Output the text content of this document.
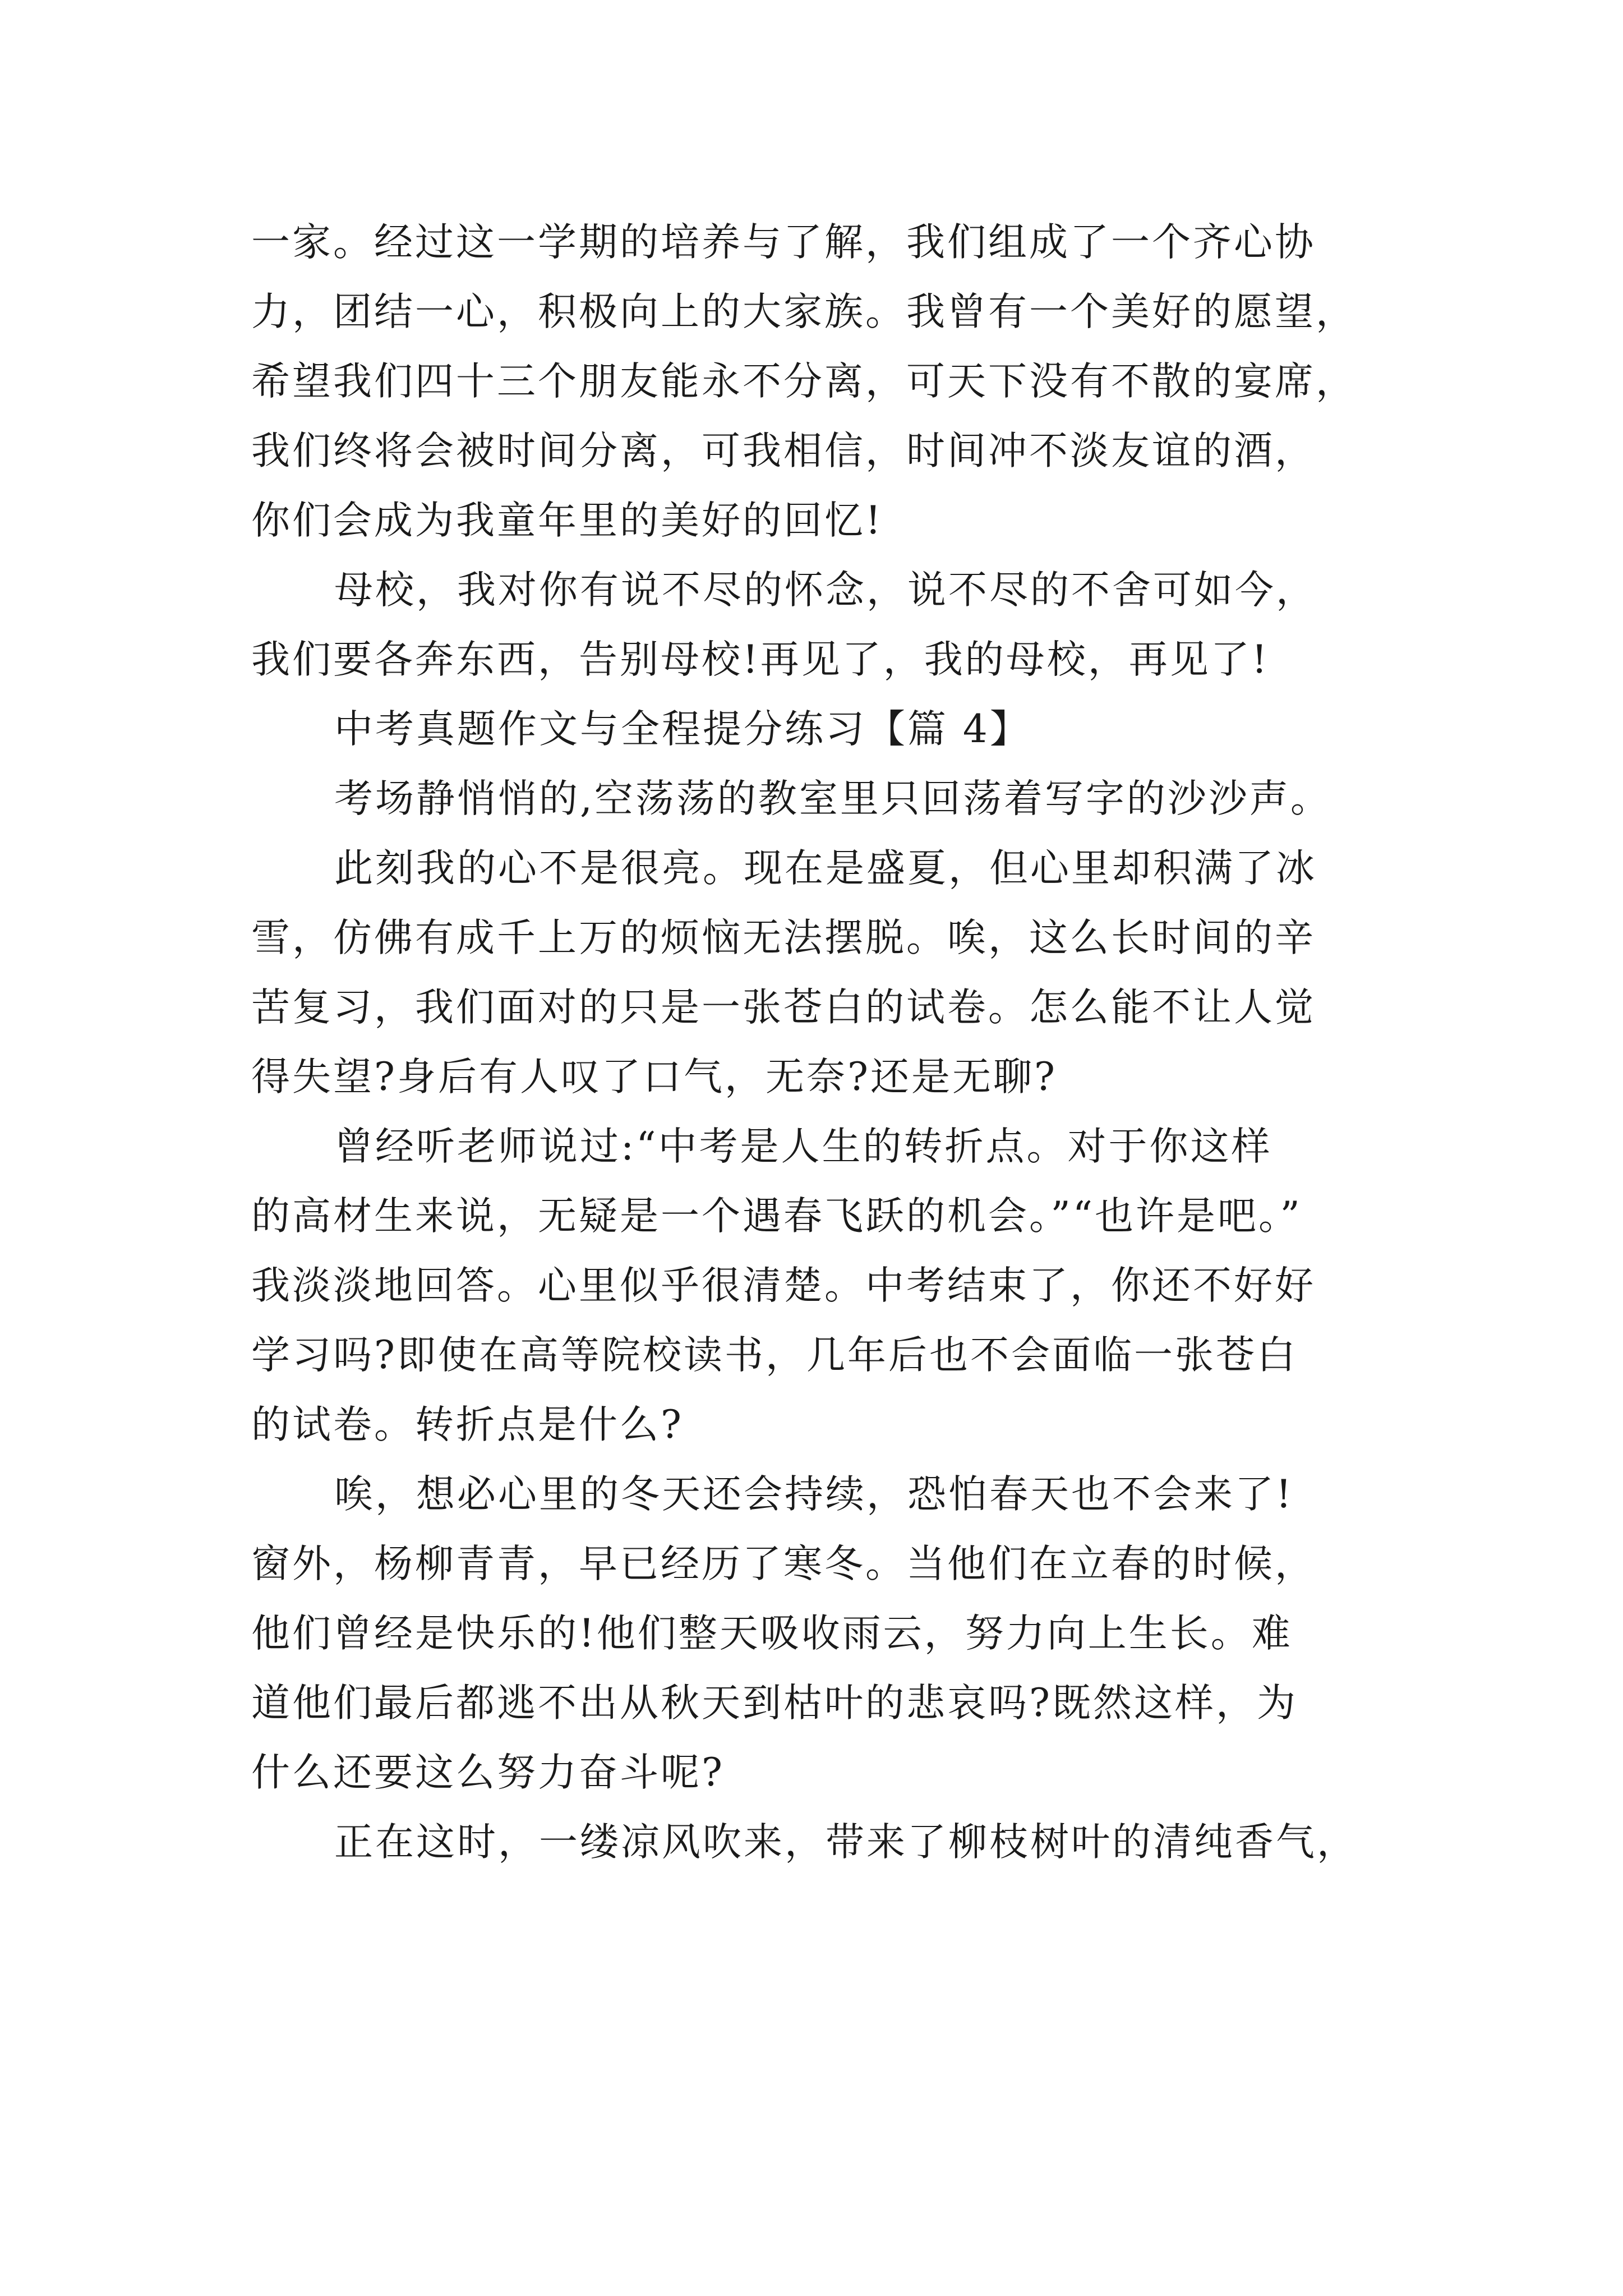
一家。经过这一学期的培养与了解，我们组成了一个齐心协

力，团结一心，积极向上的大家族。我曾有一个美好的愿望，

希望我们四十三个朋友能永不分离，可天下没有不散的宴席，

我们终将会被时间分离，可我相信，时间冲不淡友谊的酒，

你们会成为我童年里的美好的回忆!

母校，我对你有说不尽的怀念，说不尽的不舍可如今，

我们要各奔东西，告别母校!再见了，我的母校，再见了!

中考真题作文与全程提分练习【篇 4】

考场静悄悄的,空荡荡的教室里只回荡着写字的沙沙声。

此刻我的心不是很亮。现在是盛夏，但心里却积满了冰

雪，仿佛有成千上万的烦恼无法摆脱。唉，这么长时间的辛

苦复习，我们面对的只是一张苍白的试卷。怎么能不让人觉

得失望?身后有人叹了口气，无奈?还是无聊?

曾经听老师说过:“中考是人生的转折点。对于你这样

的高材生来说，无疑是一个遇春飞跃的机会。”“也许是吧。”

我淡淡地回答。心里似乎很清楚。中考结束了，你还不好好

学习吗?即使在高等院校读书，几年后也不会面临一张苍白

的试卷。转折点是什么?

唉，想必心里的冬天还会持续，恐怕春天也不会来了!

窗外，杨柳青青，早已经历了寒冬。当他们在立春的时候，

他们曾经是快乐的!他们整天吸收雨云，努力向上生长。难

道他们最后都逃不出从秋天到枯叶的悲哀吗?既然这样，为

什么还要这么努力奋斗呢?

正在这时，一缕凉风吹来，带来了柳枝树叶的清纯香气，
